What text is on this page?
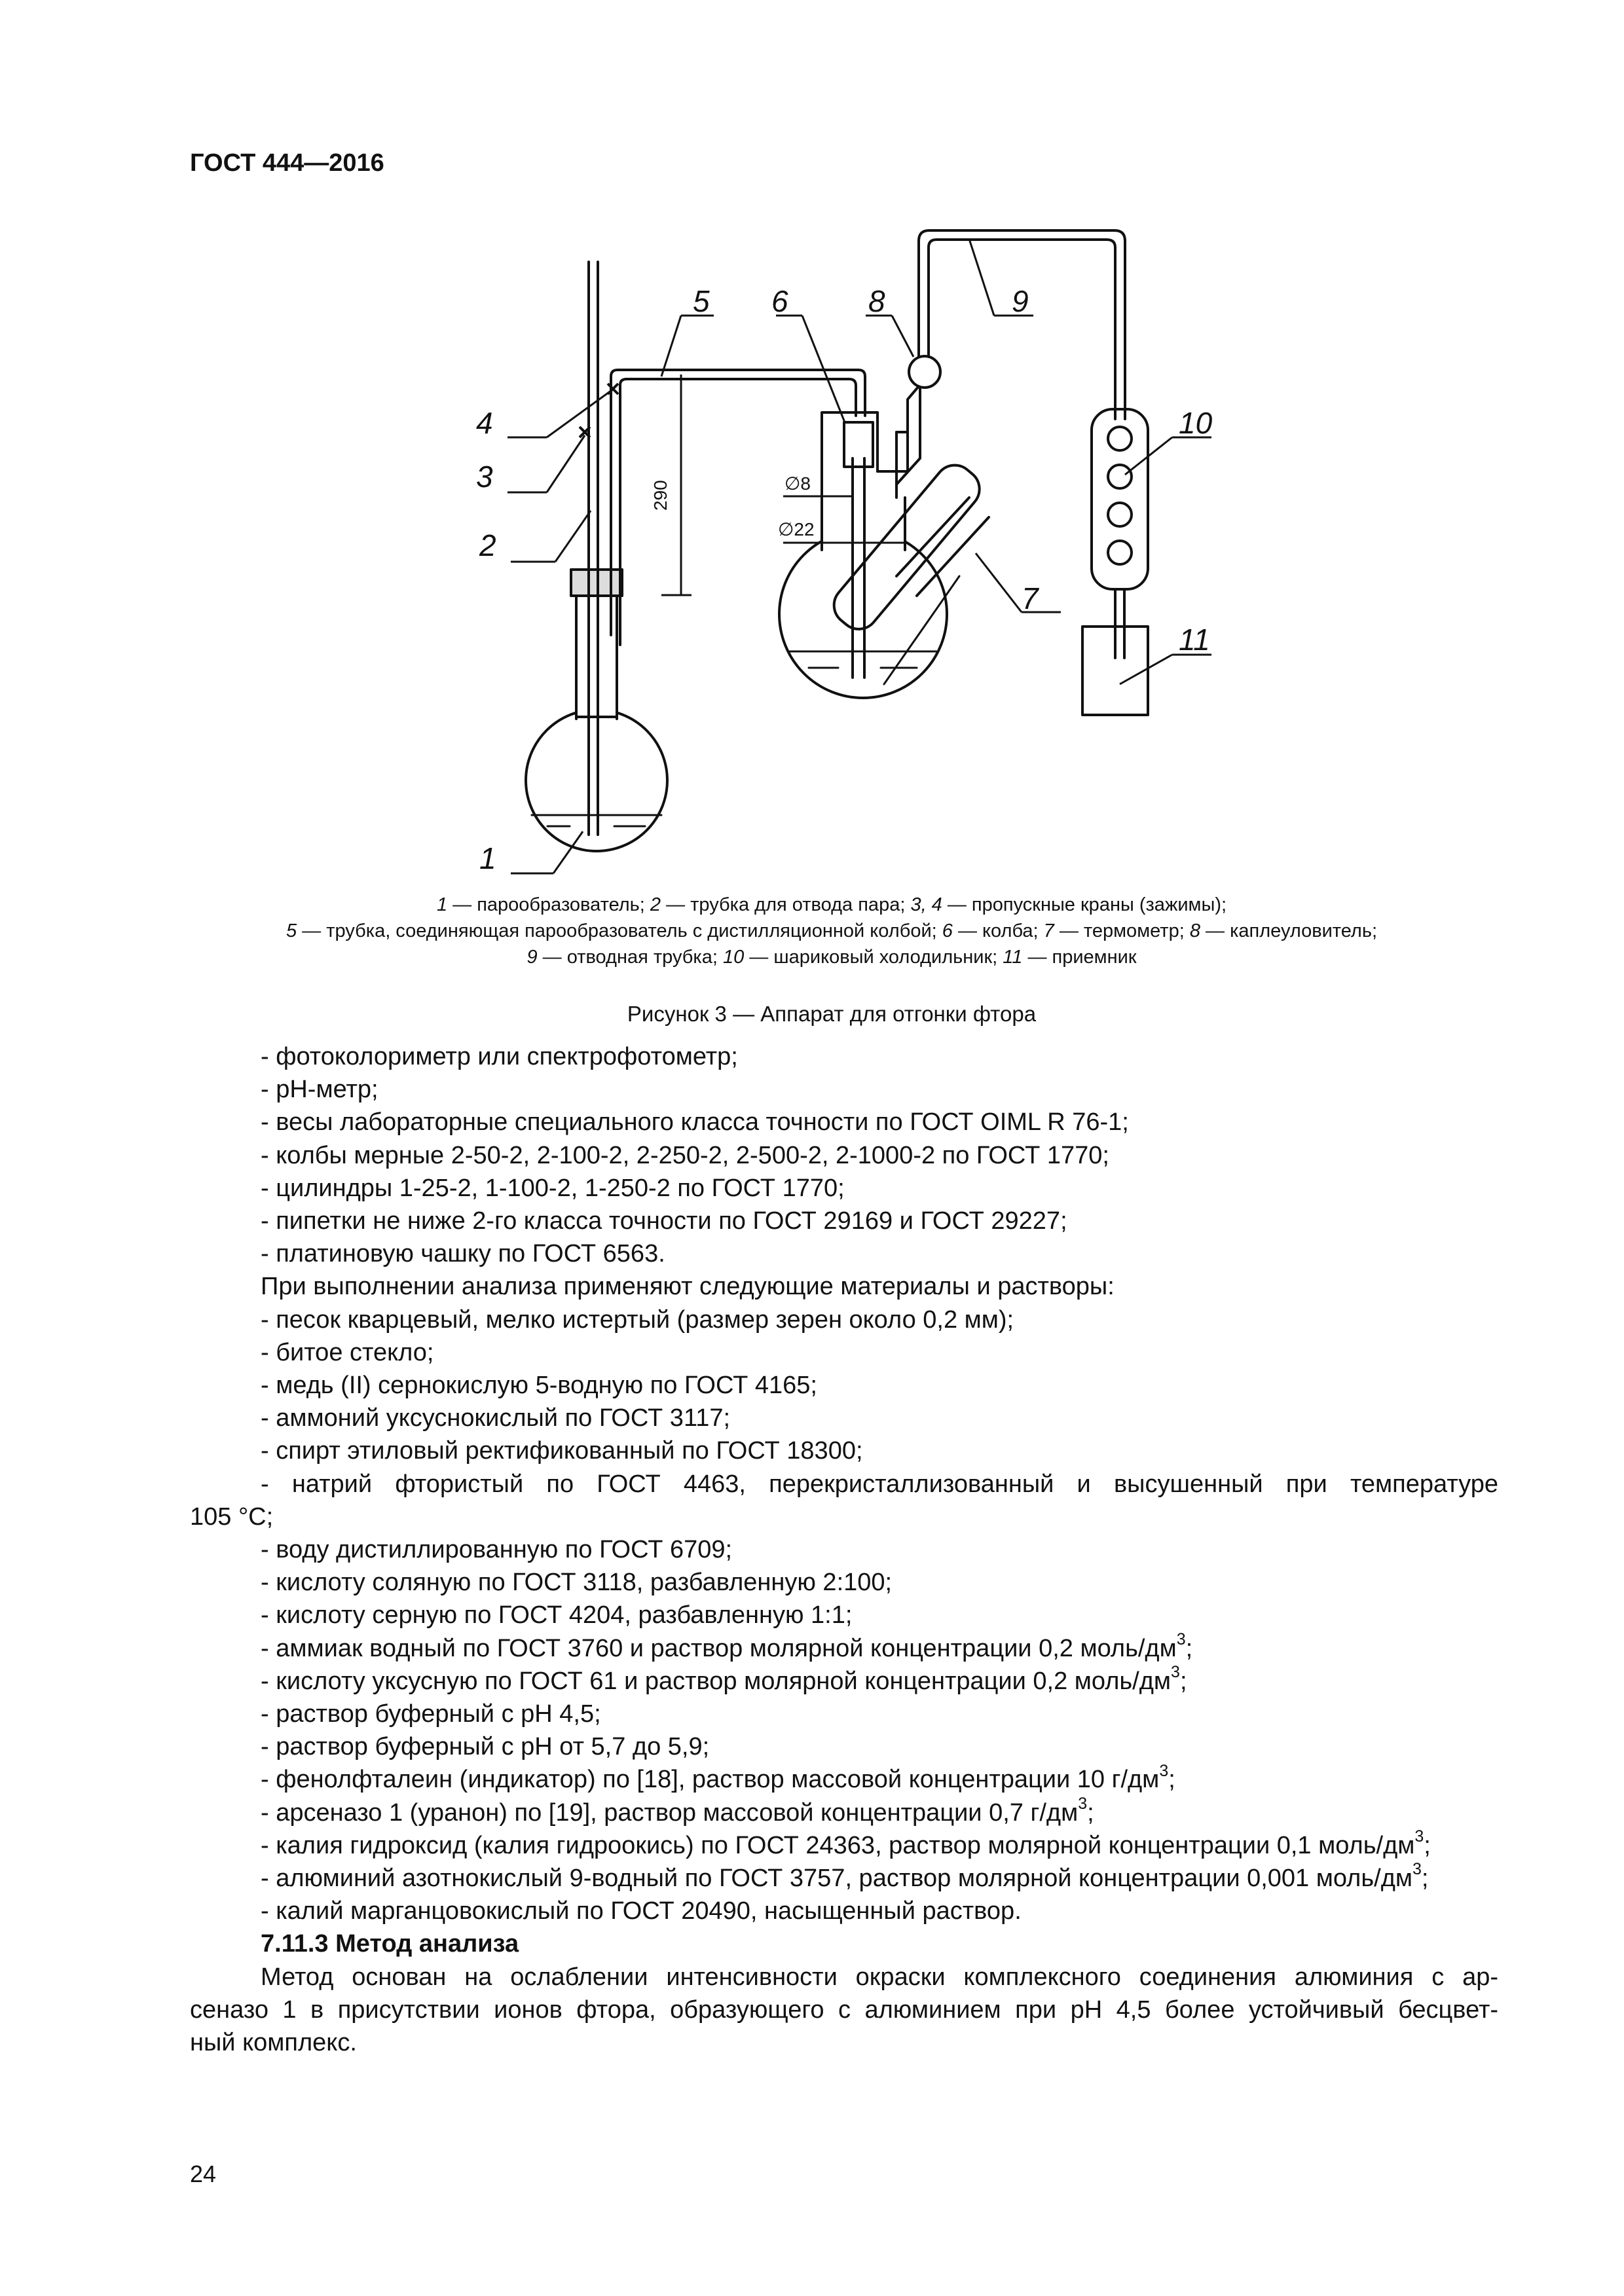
ГОСТ 444—2016
1
2
3
4
5 6
7
8	9
10
11
290	∅8
∅22
1 — парообразователь; 2 — трубка для отвода пара; 3, 4 — пропускные краны (зажимы);
5 — трубка, соединяющая парообразователь с дистилляционной колбой; 6 — колба; 7 — термометр; 8 — каплеуловитель;
9 — отводная трубка; 10 — шариковый холодильник; 11 — приемник
Рисунок 3 — Аппарат для отгонки фтора
- фотоколориметр или спектрофотометр;
- рН-метр;
- весы лабораторные специального класса точности по ГОСТ OIML R 76-1;
- колбы мерные 2-50-2, 2-100-2, 2-250-2, 2-500-2, 2-1000-2 по ГОСТ 1770;
- цилиндры 1-25-2, 1-100-2, 1-250-2 по ГОСТ 1770;
- пипетки не ниже 2-го класса точности по ГОСТ 29169 и ГОСТ 29227;
- платиновую чашку по ГОСТ 6563.
При выполнении анализа применяют следующие материалы и растворы:
- песок кварцевый, мелко истертый (размер зерен около 0,2 мм);
- битое стекло;
- медь (II) сернокислую 5-водную по ГОСТ 4165;
- аммоний уксуснокислый по ГОСТ 3117;
- спирт этиловый ректификованный по ГОСТ 18300;
- натрий фтористый по ГОСТ 4463, перекристаллизованный и высушенный при температуре
105 °С;
- воду дистиллированную по ГОСТ 6709;
- кислоту соляную по ГОСТ 3118, разбавленную 2:100;
- кислоту серную по ГОСТ 4204, разбавленную 1:1;
- аммиак водный по ГОСТ 3760 и раствор молярной концентрации 0,2 моль/$дм^3$;
- кислоту уксусную по ГОСТ 61 и раствор молярной концентрации 0,2 моль/$дм^3$;
- раствор буферный с рН 4,5;
- раствор буферный с рН от 5,7 до 5,9;
- фенолфталеин (индикатор) по [18], раствор массовой концентрации 10 $г/дм^3$;
- арсеназо 1 (уранон) по [19], раствор массовой концентрации 0,7 $г/дм^3$;
- калия гидроксид (калия гидроокись) по ГОСТ 24363, раствор молярной концентрации 0,1 моль/$дм^3$;
- алюминий азотнокислый 9-водный по ГОСТ 3757, раствор молярной концентрации 0,001 моль/$дм^3$;
- калий марганцовокислый по ГОСТ 20490, насыщенный раствор.
7.11.3 Метод анализа
Метод основан на ослаблении интенсивности окраски комплексного соединения алюминия с ар-
сеназо 1 в присутствии ионов фтора, образующего с алюминием при рН 4,5 более устойчивый бесцвет-
ный комплекс.
24
